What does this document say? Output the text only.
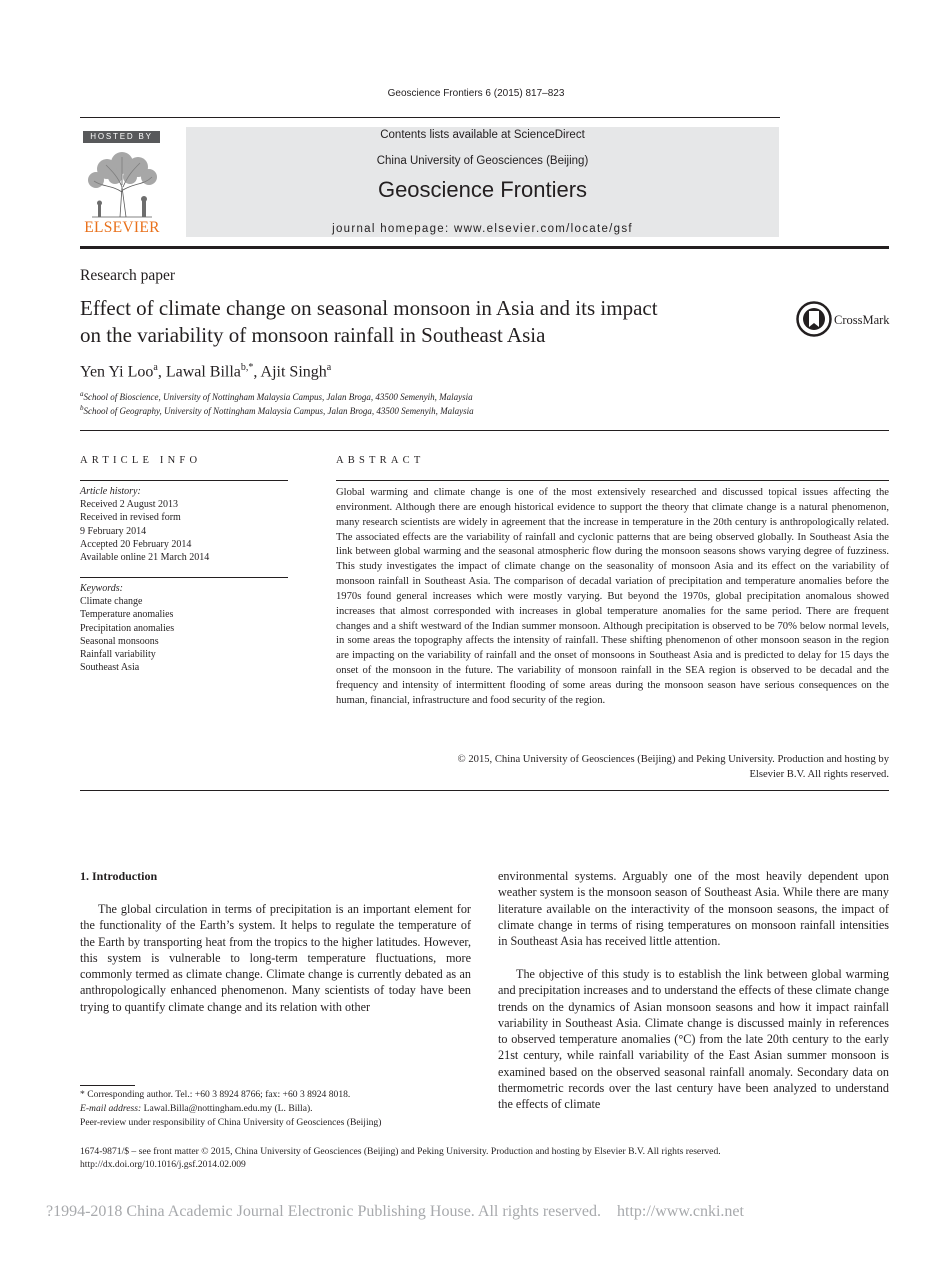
Geoscience Frontiers 6 (2015) 817–823
HOSTED BY
ELSEVIER
Contents lists available at ScienceDirect
China University of Geosciences (Beijing)
Geoscience Frontiers
journal homepage: www.elsevier.com/locate/gsf
Research paper
Effect of climate change on seasonal monsoon in Asia and its impact
on the variability of monsoon rainfall in Southeast Asia
CrossMark
Yen Yi Loo$^a$, Lawal Billa$^{b,*}$, Ajit Singh$^a$
$^a$School of Bioscience, University of Nottingham Malaysia Campus, Jalan Broga, 43500 Semenyih, Malaysia
$^b$School of Geography, University of Nottingham Malaysia Campus, Jalan Broga, 43500 Semenyih, Malaysia
ARTICLE INFO	ABSTRACT
Article history:
Received 2 August 2013
Received in revised form
9 February 2014
Accepted 20 February 2014
Available online 21 March 2014
Keywords:
Climate change
Temperature anomalies
Precipitation anomalies
Seasonal monsoons
Rainfall variability
Southeast Asia
Global warming and climate change is one of the most extensively researched and discussed topical issues affecting the environment. Although there are enough historical evidence to support the theory that climate change is a natural phenomenon, many research scientists are widely in agreement that the increase in temperature in the 20th century is anthropologically related. The associated effects are the variability of rainfall and cyclonic patterns that are being observed globally. In Southeast Asia the link between global warming and the seasonal atmospheric flow during the monsoon seasons shows varying degree of fuzziness. This study investigates the impact of climate change on the seasonality of monsoon Asia and its effect on the variability of monsoon rainfall in Southeast Asia. The comparison of decadal variation of precipitation and temperature anomalies before the 1970s found general increases which were mostly varying. But beyond the 1970s, global precipitation anomalous showed increases that almost corresponded with increases in global temperature anomalies for the same period. There are frequent changes and a shift westward of the Indian summer monsoon. Although precipitation is observed to be 70% below normal levels, in some areas the topography affects the intensity of rainfall. These shifting phenomenon of other monsoon season in the region are impacting on the variability of rainfall and the onset of monsoons in Southeast Asia and is predicted to delay for 15 days the onset of the monsoon in the future. The variability of monsoon rainfall in the SEA region is observed to be decadal and the frequency and intensity of intermittent flooding of some areas during the monsoon season have serious consequences on the human, financial, infrastructure and food security of the region.
© 2015, China University of Geosciences (Beijing) and Peking University. Production and hosting by
Elsevier B.V. All rights reserved.
1. Introduction
The global circulation in terms of precipitation is an important element for the functionality of the Earth’s system. It helps to regulate the temperature of the Earth by transporting heat from the tropics to the higher latitudes. However, this system is vulnerable to long-term temperature fluctuations, more commonly termed as climate change. Climate change is currently debated as an anthropologically enhanced phenomenon. Many scientists of today have been trying to quantify climate change and its relation with other
environmental systems. Arguably one of the most heavily dependent upon weather system is the monsoon season of Southeast Asia. While there are many literature available on the interactivity of the monsoon seasons, the impact of climate change in terms of rising temperatures on monsoon rainfall intensities in Southeast Asia has received little attention.
The objective of this study is to establish the link between global warming and precipitation increases and to understand the effects of these climate change trends on the dynamics of Asian monsoon seasons and how it impact rainfall variability in Southeast Asia. Climate change is discussed mainly in references to observed temperature anomalies (°C) from the late 20th century to the early 21st century, while rainfall variability of the East Asian summer monsoon is examined based on the observed seasonal rainfall anomaly. Secondary data on thermometric records over the last century have been analyzed to understand the effects of climate
* Corresponding author. Tel.: +60 3 8924 8766; fax: +60 3 8924 8018.
E-mail address: Lawal.Billa@nottingham.edu.my (L. Billa).
Peer-review under responsibility of China University of Geosciences (Beijing)
1674-9871/$ – see front matter © 2015, China University of Geosciences (Beijing) and Peking University. Production and hosting by Elsevier B.V. All rights reserved.
http://dx.doi.org/10.1016/j.gsf.2014.02.009
?1994-2018 China Academic Journal Electronic Publishing House. All rights reserved.    http://www.cnki.net
